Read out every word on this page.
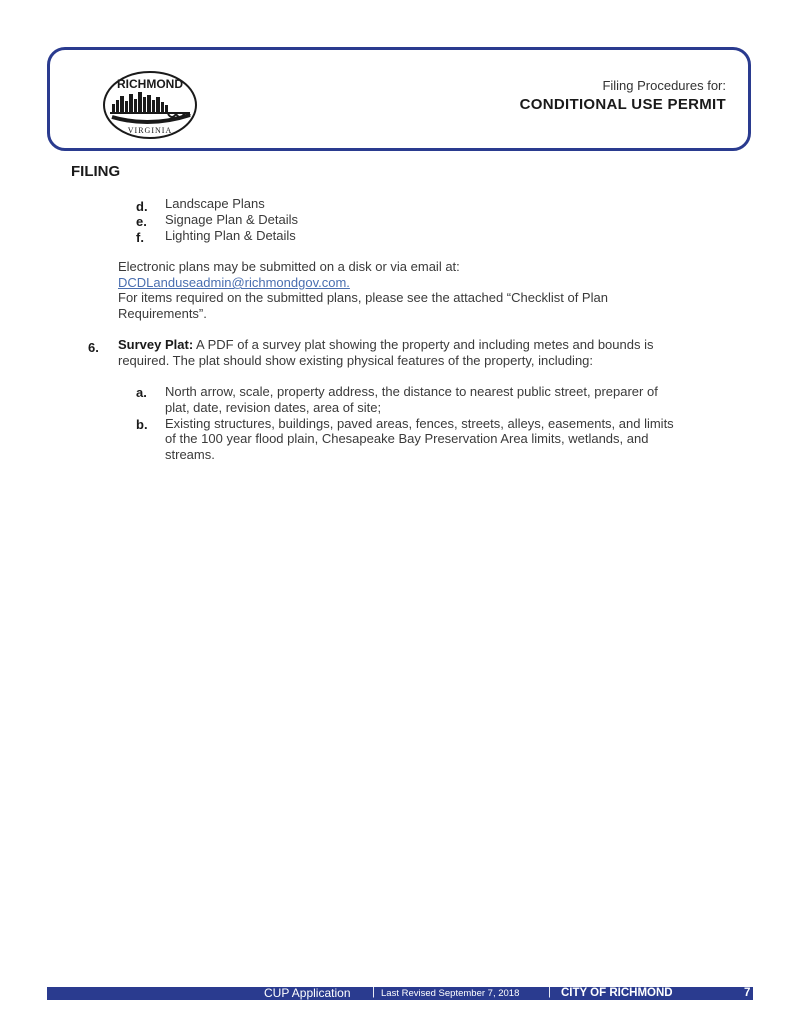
RICHMOND
VIRGINIA
Filing Procedures for:
CONDITIONAL USE PERMIT
FILING
d. Landscape Plans
e. Signage Plan & Details
f. Lighting Plan & Details
Electronic plans may be submitted on a disk or via email at:
DCDLanduseadmin@richmondgov.com.
For items required on the submitted plans, please see the attached “Checklist of Plan
Requirements”.
6. Survey Plat: A PDF of a survey plat showing the property and including metes and bounds is
required. The plat should show existing physical features of the property, including:
a. North arrow, scale, property address, the distance to nearest public street, preparer of
plat, date, revision dates, area of site;
b. Existing structures, buildings, paved areas, fences, streets, alleys, easements, and limits
of the 100 year flood plain, Chesapeake Bay Preservation Area limits, wetlands, and
streams.
CUP Application | Last Revised September 7, 2018	| CITY OF RICHMOND	7
